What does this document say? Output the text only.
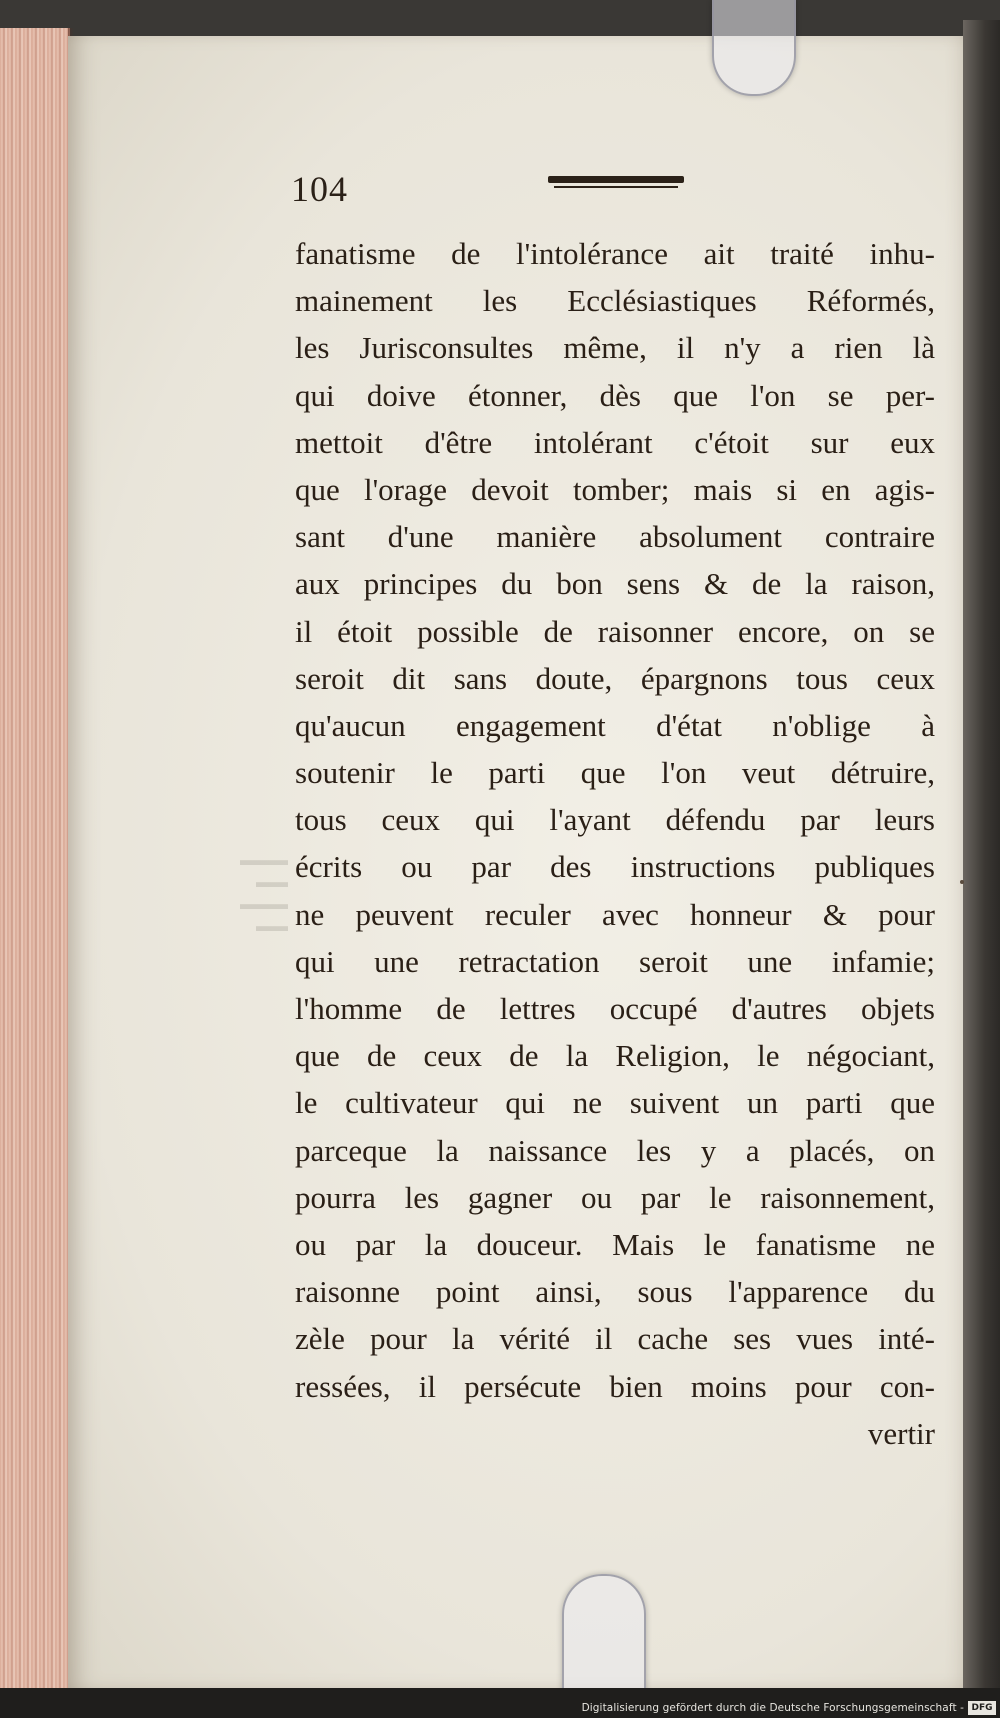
▬▬▬
▬▬
▬▬▬
▬▬
104
fanatisme de l'intolérance ait traité inhu-
mainement les Ecclésiastiques Réformés,
les Jurisconsultes même, il n'y a rien là
qui doive étonner, dès que l'on se per-
mettoit d'être intolérant c'étoit sur eux
que l'orage devoit tomber; mais si en agis-
sant d'une manière absolument contraire
aux principes du bon sens & de la raison,
il étoit possible de raisonner encore, on se
seroit dit sans doute, épargnons tous ceux
qu'aucun engagement d'état n'oblige à
soutenir le parti que l'on veut détruire,
tous ceux qui l'ayant défendu par leurs
écrits ou par des instructions publiques
ne peuvent reculer avec honneur & pour
qui une retractation seroit une infamie;
l'homme de lettres occupé d'autres objets
que de ceux de la Religion, le négociant,
le cultivateur qui ne suivent un parti que
parceque la naissance les y a placés, on
pourra les gagner ou par le raisonnement,
ou par la douceur. Mais le fanatisme ne
raisonne point ainsi, sous l'apparence du
zèle pour la vérité il cache ses vues inté-
ressées, il persécute bien moins pour con-
vertir
Digitalisierung gefördert durch die Deutsche Forschungsgemeinschaft - DFG
